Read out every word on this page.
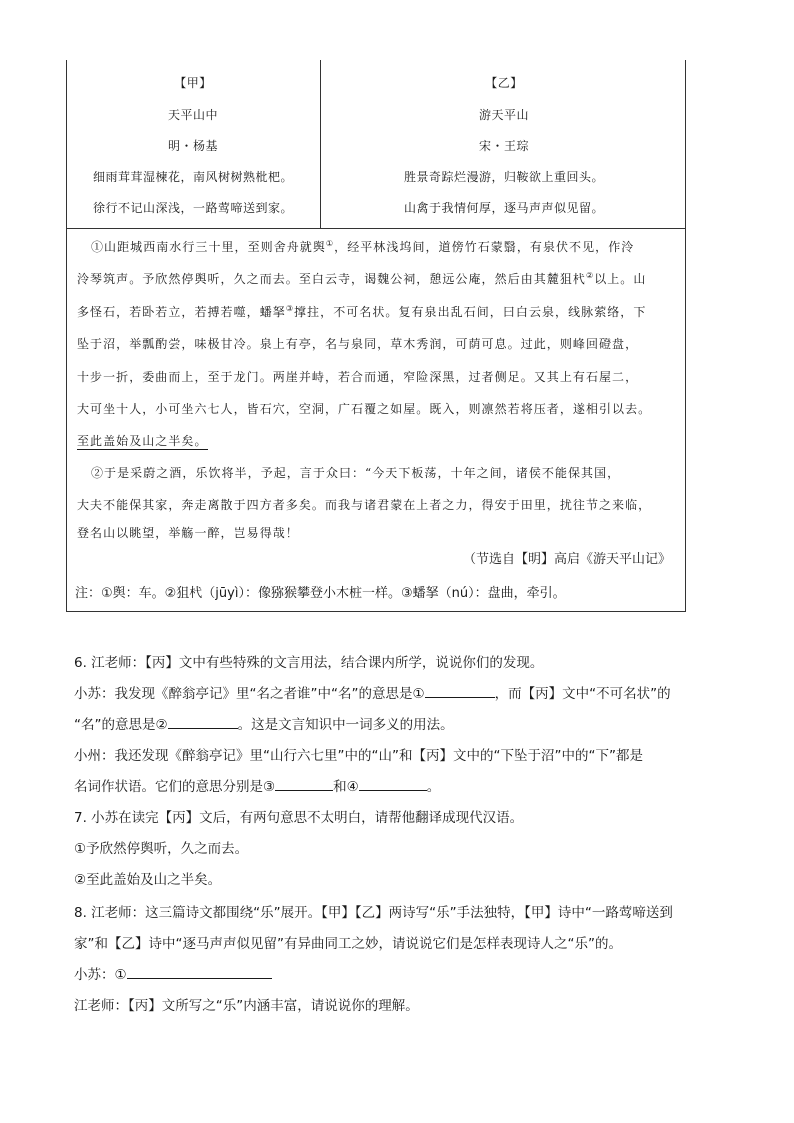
【甲】
天平山中
明・杨基
细雨茸茸湿楝花，南风树树熟枇杷。
徐行不记山深浅，一路莺啼送到家。
【乙】
游天平山
宋・王琮
胜景奇踪烂漫游，归鞍欲上重回头。
山禽于我情何厚，逐马声声似见留。
①山距城西南水行三十里，至则舍舟就舆①，经平林浅坞间，道傍竹石蒙翳，有泉伏不见，作泠
泠琴筑声。予欣然停舆听，久之而去。至白云寺，谒魏公祠，憩远公庵，然后由其麓狙杙②以上。山
多怪石，若卧若立，若搏若噬，蟠拏③撑拄，不可名状。复有泉出乱石间，曰白云泉，线脉萦络，下
坠于沼，举瓢酌尝，味极甘冷。泉上有亭，名与泉同，草木秀润，可荫可息。过此，则峰回磴盘，
十步一折，委曲而上，至于龙门。两崖并峙，若合而通，窄险深黑，过者侧足。又其上有石屋二，
大可坐十人，小可坐六七人，皆石穴，空洞，广石覆之如屋。既入，则凛然若将压者，遂相引以去。
至此盖始及山之半矣。
②于是采蔚之酒，乐饮将半，予起，言于众曰：“今天下板荡，十年之间，诸侯不能保其国，
大夫不能保其家，奔走离散于四方者多矣。而我与诸君蒙在上者之力，得安于田里，扰往节之来临，
登名山以眺望，举觞一醉，岂易得哉！
（节选自【明】高启《游天平山记》
注：①舆：车。②狙杙（jūyì）：像猕猴攀登小木桩一样。③蟠拏（nú）：盘曲，牵引。
6. 江老师：【丙】文中有些特殊的文言用法，结合课内所学，说说你们的发现。
小苏：我发现《醉翁亭记》里“名之者谁”中“名”的意思是①	，而【丙】文中“不可名状”的
“名”的意思是②	。这是文言知识中一词多义的用法。
小州：我还发现《醉翁亭记》里“山行六七里”中的“山”和【丙】文中的“下坠于沼”中的“下”都是
名词作状语。它们的意思分别是③	和④	。
7. 小苏在读完【丙】文后，有两句意思不太明白，请帮他翻译成现代汉语。
①予欣然停舆听，久之而去。
②至此盖始及山之半矣。
8. 江老师：这三篇诗文都围绕“乐”展开。【甲】【乙】两诗写“乐”手法独特，【甲】诗中“一路莺啼送到
家”和【乙】诗中“逐马声声似见留”有异曲同工之妙，请说说它们是怎样表现诗人之“乐”的。
小苏：①
江老师：【丙】文所写之“乐”内涵丰富，请说说你的理解。
